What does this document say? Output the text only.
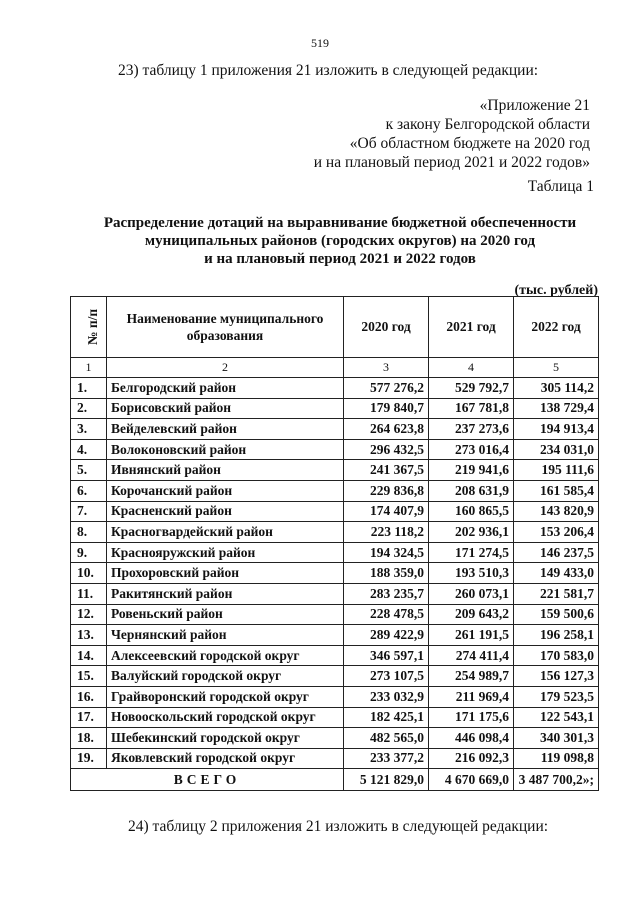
519
23) таблицу 1 приложения 21 изложить в следующей редакции:
«Приложение 21
к закону Белгородской области
«Об областном бюджете на 2020 год
и на плановый период 2021 и 2022 годов»
Таблица 1
Распределение дотаций на выравнивание бюджетной обеспеченности
муниципальных районов (городских округов) на 2020 год
и на плановый период 2021 и 2022 годов
(тыс. рублей)
№ п/п	Наименование муниципального образования	2020 год	2021 год	2022 год
1	2	3	4	5
1.	Белгородский район	577 276,2	529 792,7	305 114,2
2.	Борисовский район	179 840,7	167 781,8	138 729,4
3.	Вейделевский район	264 623,8	237 273,6	194 913,4
4.	Волоконовский район	296 432,5	273 016,4	234 031,0
5.	Ивнянский район	241 367,5	219 941,6	195 111,6
6.	Корочанский район	229 836,8	208 631,9	161 585,4
7.	Красненский район	174 407,9	160 865,5	143 820,9
8.	Красногвардейский район	223 118,2	202 936,1	153 206,4
9.	Краснояружский район	194 324,5	171 274,5	146 237,5
10.	Прохоровский район	188 359,0	193 510,3	149 433,0
11.	Ракитянский район	283 235,7	260 073,1	221 581,7
12.	Ровеньский район	228 478,5	209 643,2	159 500,6
13.	Чернянский район	289 422,9	261 191,5	196 258,1
14.	Алексеевский городской округ	346 597,1	274 411,4	170 583,0
15.	Валуйский городской округ	273 107,5	254 989,7	156 127,3
16.	Грайворонский городской округ	233 032,9	211 969,4	179 523,5
17.	Новооскольский городской округ	182 425,1	171 175,6	122 543,1
18.	Шебекинский городской округ	482 565,0	446 098,4	340 301,3
19.	Яковлевский городской округ	233 377,2	216 092,3	119 098,8
ВСЕГО		5 121 829,0	4 670 669,0	3 487 700,2»;
24) таблицу 2 приложения 21 изложить в следующей редакции:
